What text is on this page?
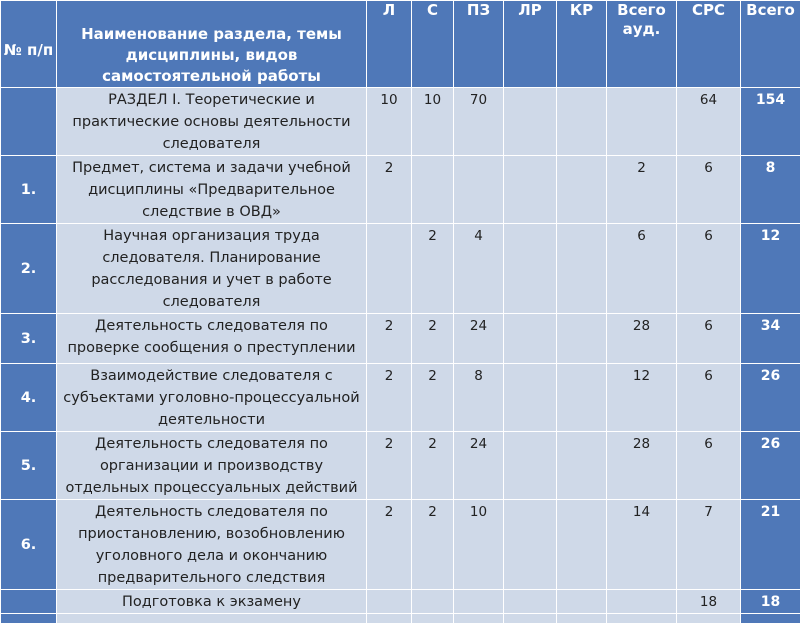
№ п/п	Наименование раздела, темы дисциплины, видов самостоятельной работы	Л	С	ПЗ	ЛР	КР	Всего ауд.	СРС	Всего
	РАЗДЕЛ I. Теоретические и практические основы деятельности следователя	10	10	70				64	154
1.	Предмет, система и задачи учебной дисциплины «Предварительное следствие в ОВД»	2					2	6	8
2.	Научная организация труда следователя. Планирование расследования и учет в работе следователя		2	4			6	6	12
3.	Деятельность следователя по проверке сообщения о преступлении	2	2	24			28	6	34
4.	Взаимодействие следователя с субъектами уголовно-процессуальной деятельности	2	2	8			12	6	26
5.	Деятельность следователя по организации и производству отдельных процессуальных действий	2	2	24			28	6	26
6.	Деятельность следователя по приостановлению, возобновлению уголовного дела и окончанию предварительного следствия	2	2	10			14	7	21
	Подготовка к экзамену							18	18
